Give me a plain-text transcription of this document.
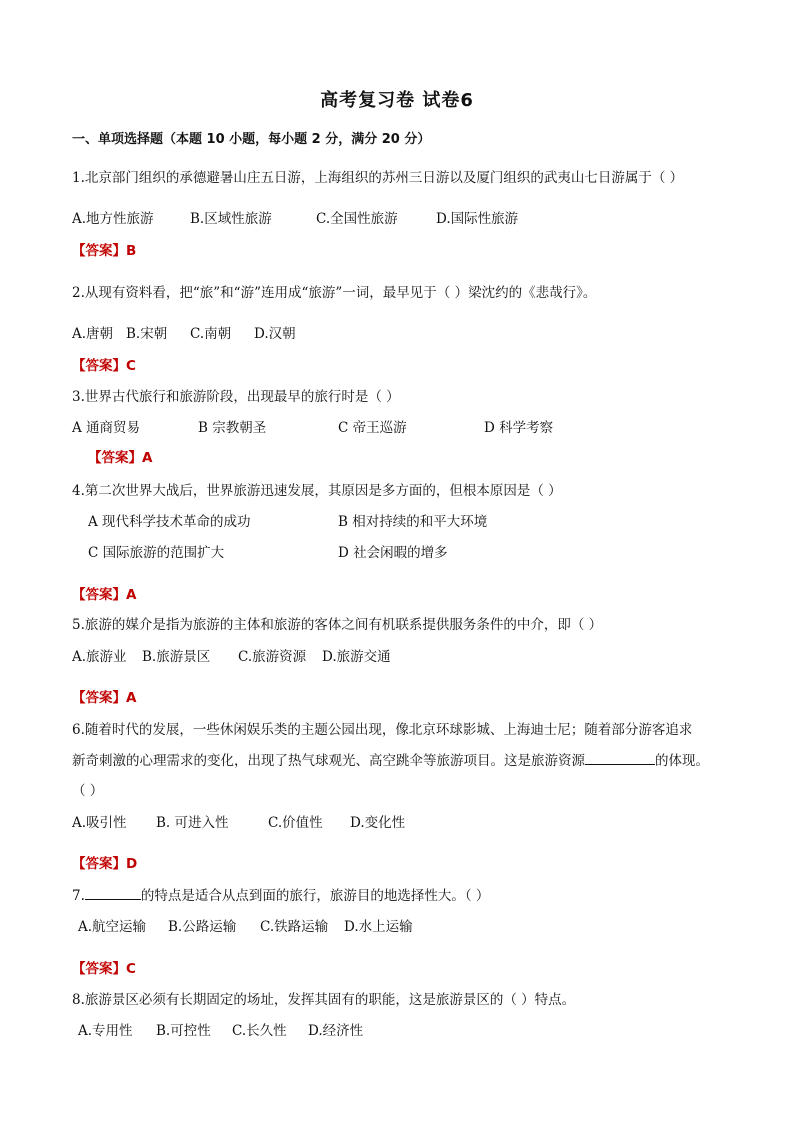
高考复习卷 试卷6
一、单项选择题（本题 10 小题，每小题 2 分，满分 20 分）
1.北京部门组织的承德避暑山庄五日游，上海组织的苏州三日游以及厦门组织的武夷山七日游属于（ ）
A.地方性旅游	B.区域性旅游	C.全国性旅游	D.国际性旅游
【答案】B
2.从现有资料看，把“旅”和“游”连用成“旅游”一词，最早见于（ ）梁沈约的《悲哉行》。
A.唐朝 B.宋朝 C.南朝 D.汉朝
【答案】C
3.世界古代旅行和旅游阶段，出现最早的旅行时是（ ）
A 通商贸易	B 宗教朝圣	C 帝王巡游	D 科学考察
【答案】A
4.第二次世界大战后，世界旅游迅速发展，其原因是多方面的，但根本原因是（ ）
A 现代科学技术革命的成功	B 相对持续的和平大环境
C 国际旅游的范围扩大	D 社会闲暇的增多
【答案】A
5.旅游的媒介是指为旅游的主体和旅游的客体之间有机联系提供服务条件的中介，即（ ）
A.旅游业 B.旅游景区 C.旅游资源 D.旅游交通
【答案】A
6.随着时代的发展，一些休闲娱乐类的主题公园出现，像北京环球影城、上海迪士尼；随着部分游客追求
新奇刺激的心理需求的变化，出现了热气球观光、高空跳伞等旅游项目。这是旅游资源	的体现。
（ ）
A.吸引性 B. 可进入性	C.价值性 D.变化性
【答案】D
7.	的特点是适合从点到面的旅行，旅游目的地选择性大。（ ）
A.航空运输 B.公路运输 C.铁路运输 D.水上运输
【答案】C
8.旅游景区必须有长期固定的场址，发挥其固有的职能，这是旅游景区的（ ）特点。
A.专用性 B.可控性 C.长久性 D.经济性
